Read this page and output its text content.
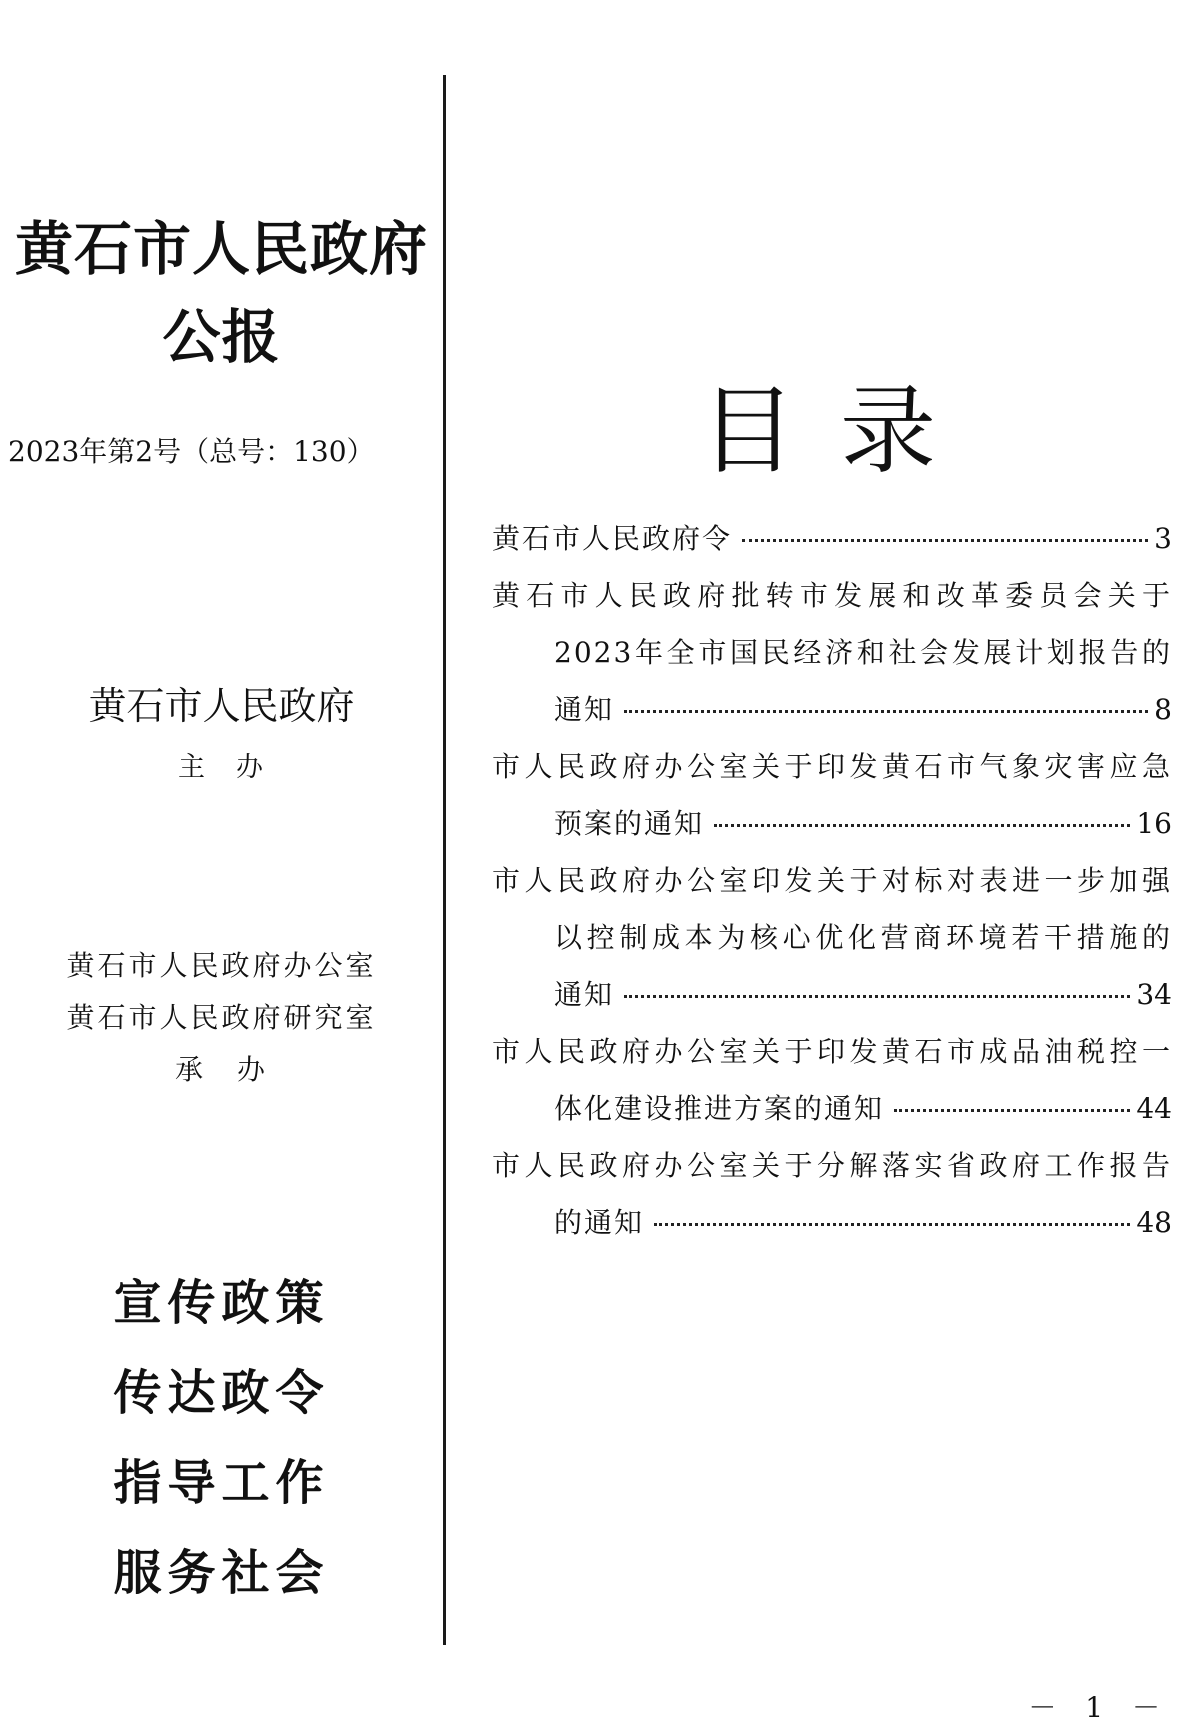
黄石市人民政府
公报
2023年第2号（总号：130）
黄石市人民政府
主　办
黄石市人民政府办公室
黄石市人民政府研究室
承　办
宣传政策
传达政令
指导工作
服务社会
目录
黄石市人民政府令	3
黄石市人民政府批转市发展和改革委员会关于
2023年全市国民经济和社会发展计划报告的
通知	8
市人民政府办公室关于印发黄石市气象灾害应急
预案的通知	16
市人民政府办公室印发关于对标对表进一步加强
以控制成本为核心优化营商环境若干措施的
通知	34
市人民政府办公室关于印发黄石市成品油税控一
体化建设推进方案的通知	44
市人民政府办公室关于分解落实省政府工作报告
的通知	48
－ 1 －
